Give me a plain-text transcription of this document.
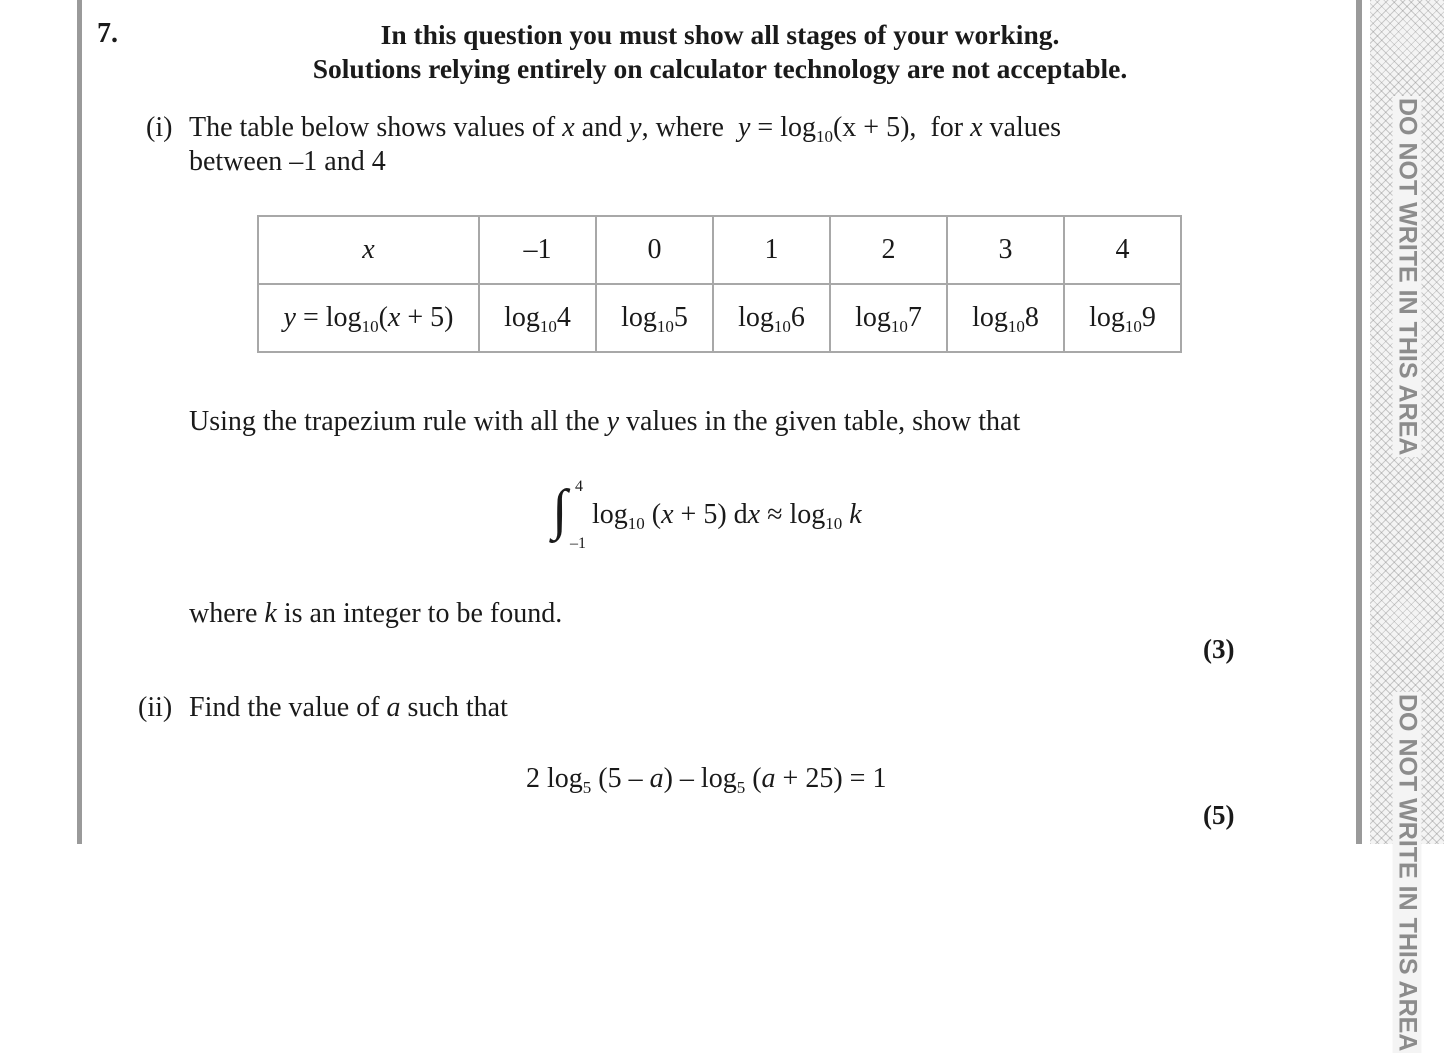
DO NOT WRITE IN THIS AREA
DO NOT WRITE IN THIS AREA
7.	In this question you must show all stages of your working.
Solutions relying entirely on calculator technology are not acceptable.
(i) The table below shows values of x and y, where $y = \log_{10}(x + 5)$, for x values
between –1 and 4
x	–1	0	1	2	3	4
$y = \log_{10}(x + 5)$	$\log_{10}4$	$\log_{10}5$	$\log_{10}6$	$\log_{10}7$	$\log_{10}8$	$\log_{10}9$
Using the trapezium rule with all the y values in the given table, show that
∫ 4
–1
$\log_{10} (x + 5)$ dx ≈ $\log_{10} k$
where k is an integer to be found.
(3)
(ii) Find the value of a such that
2 $\log_5 (5 - a) - \log_5 (a + 25) = 1$
(5)
